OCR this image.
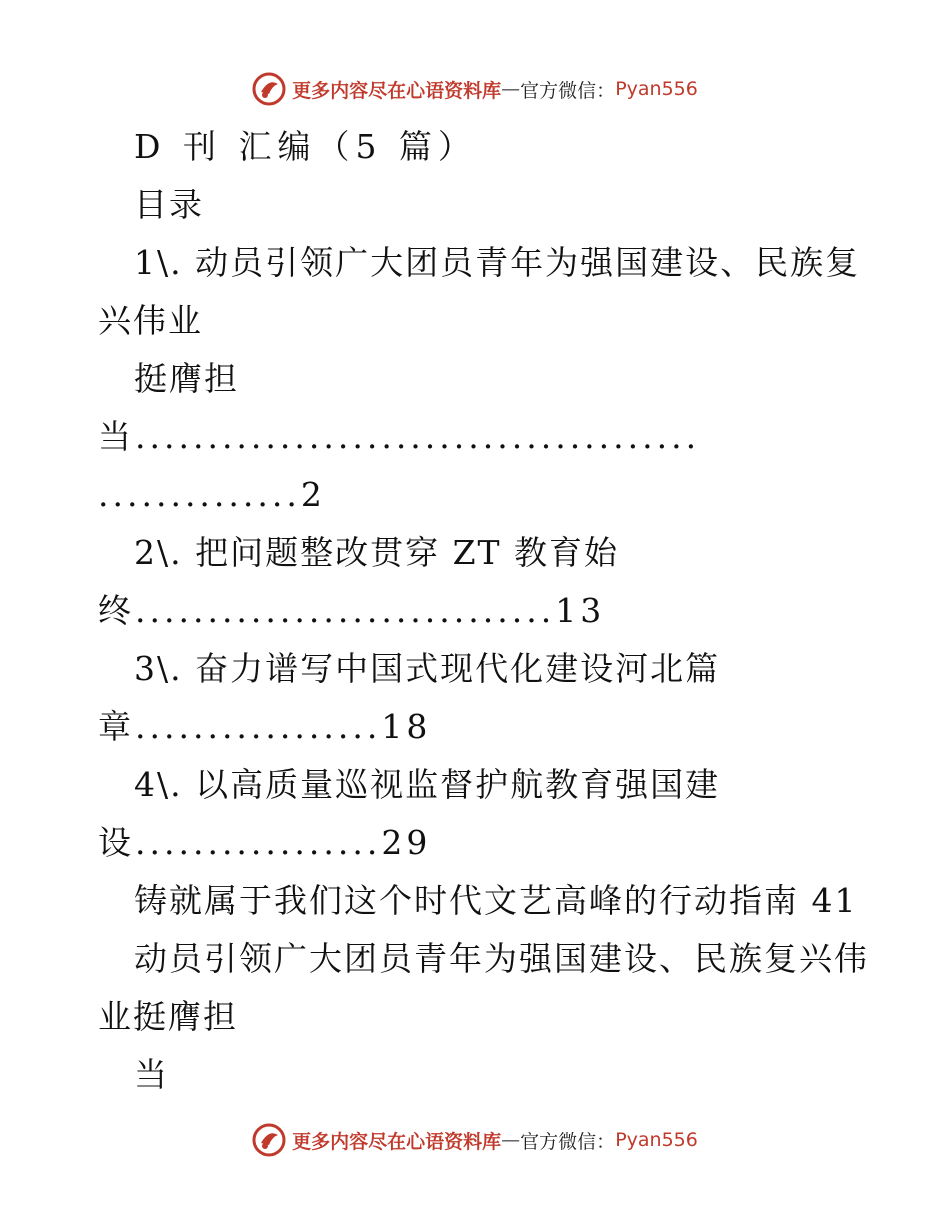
更多内容尽在心语资料库 — 官方微信： Pyan556
D 刊 汇编（5 篇）
目录
1\. 动员引领广大团员青年为强国建设、民族复
兴伟业
挺膺担
当.......................................
..............2
2\. 把问题整改贯穿 ZT 教育始
终.............................13
3\. 奋力谱写中国式现代化建设河北篇
章.................18
4\. 以高质量巡视监督护航教育强国建
设.................29
铸就属于我们这个时代文艺高峰的行动指南 41
动员引领广大团员青年为强国建设、民族复兴伟
业挺膺担
当
更多内容尽在心语资料库 — 官方微信： Pyan556
